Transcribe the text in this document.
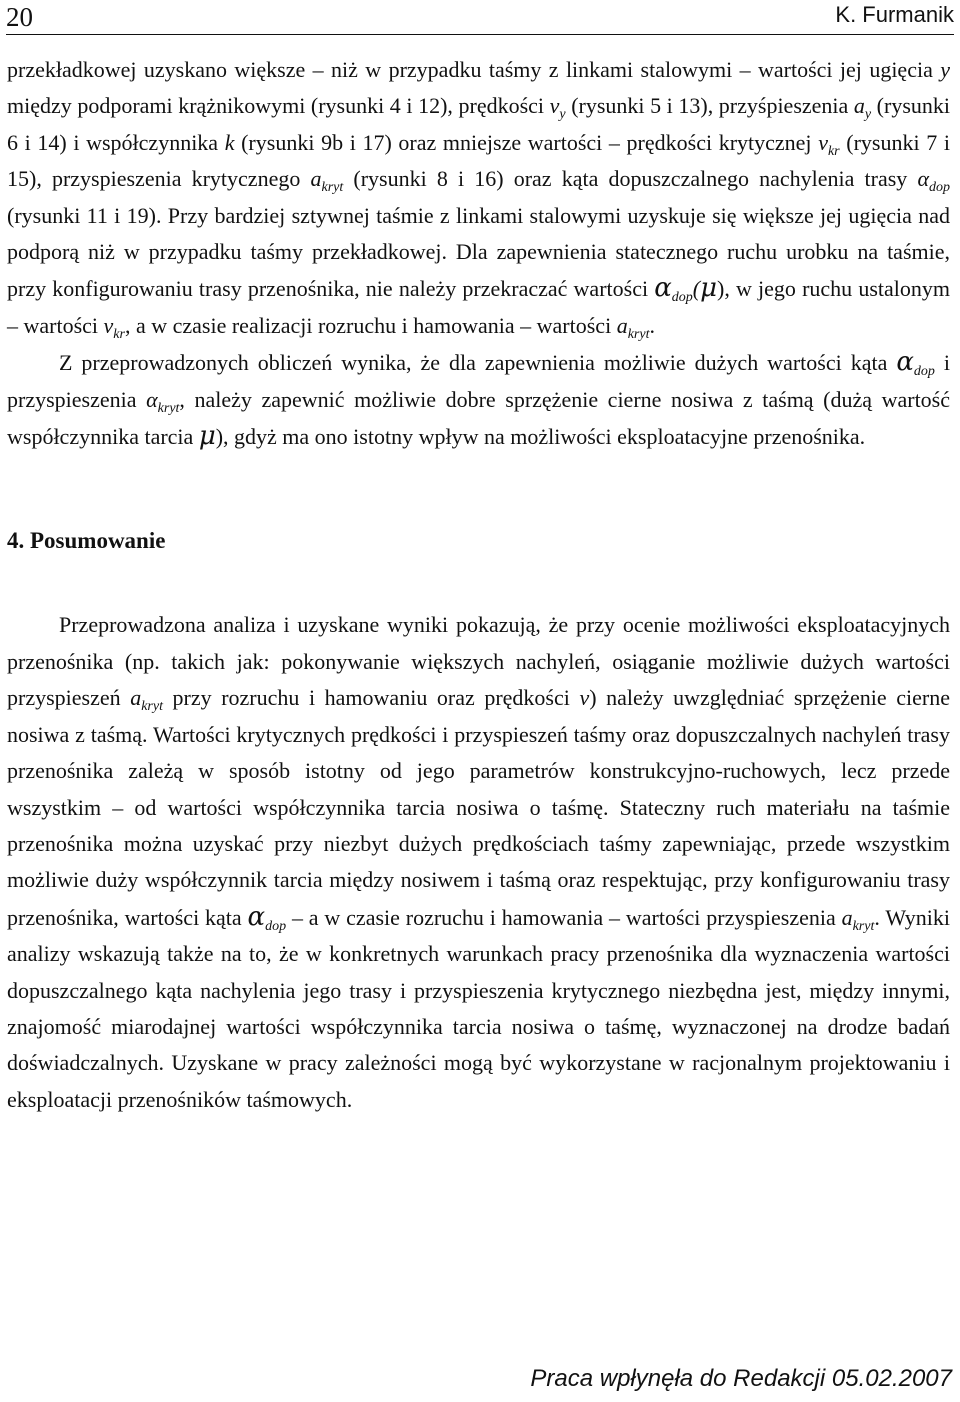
20	K. Furmanik

przekładkowej uzyskano większe – niż w przypadku taśmy z linkami stalowymi – wartości jej ugięcia y między podporami krążnikowymi (rysunki 4 i 12), prędkości $v_y$ (rysunki 5 i 13), przyśpieszenia $a_y$ (rysunki 6 i 14) i współczynnika k (rysunki 9b i 17) oraz mniejsze wartości – prędkości krytycznej $v_{kr}$ (rysunki 7 i 15), przyspieszenia krytycznego $a_{kryt}$ (rysunki 8 i 16) oraz kąta dopuszczalnego nachylenia trasy $\alpha_{dop}$ (rysunki 11 i 19). Przy bardziej sztywnej taśmie z linkami stalowymi uzyskuje się większe jej ugięcia nad podporą niż w przypadku taśmy przekładkowej. Dla zapewnienia statecznego ruchu urobku na taśmie, przy konfigurowaniu trasy przenośnika, nie należy przekraczać wartości $\alpha_{dop}(\mu)$, w jego ruchu ustalonym – wartości $v_{kr}$, a w czasie realizacji rozruchu i hamowania – wartości $a_{kryt}$.

Z przeprowadzonych obliczeń wynika, że dla zapewnienia możliwie dużych wartości kąta $\alpha_{dop}$ i przyspieszenia $\alpha_{kryt}$, należy zapewnić możliwie dobre sprzężenie cierne nosiwa z taśmą (dużą wartość współczynnika tarcia μ), gdyż ma ono istotny wpływ na możliwości eksploatacyjne przenośnika.

4. Posumowanie

Przeprowadzona analiza i uzyskane wyniki pokazują, że przy ocenie możliwości eksploatacyjnych przenośnika (np. takich jak: pokonywanie większych nachyleń, osiąganie możliwie dużych wartości przyspieszeń $a_{kryt}$ przy rozruchu i hamowaniu oraz prędkości v) należy uwzględniać sprzężenie cierne nosiwa z taśmą. Wartości krytycznych prędkości i przyspieszeń taśmy oraz dopuszczalnych nachyleń trasy przenośnika zależą w sposób istotny od jego parametrów konstrukcyjno-ruchowych, lecz przede wszystkim – od wartości współczynnika tarcia nosiwa o taśmę. Stateczny ruch materiału na taśmie przenośnika można uzyskać przy niezbyt dużych prędkościach taśmy zapewniając, przede wszystkim możliwie duży współczynnik tarcia między nosiwem i taśmą oraz respektując, przy konfigurowaniu trasy przenośnika, wartości kąta $\alpha_{dop}$ – a w czasie rozruchu i hamowania – wartości przyspieszenia $a_{kryt}$. Wyniki analizy wskazują także na to, że w konkretnych warunkach pracy przenośnika dla wyznaczenia wartości dopuszczalnego kąta nachylenia jego trasy i przyspieszenia krytycznego niezbędna jest, między innymi, znajomość miarodajnej wartości współczynnika tarcia nosiwa o taśmę, wyznaczonej na drodze badań doświadczalnych. Uzyskane w pracy zależności mogą być wykorzystane w racjonalnym projektowaniu i eksploatacji przenośników taśmowych.

Praca wpłynęła do Redakcji 05.02.2007
